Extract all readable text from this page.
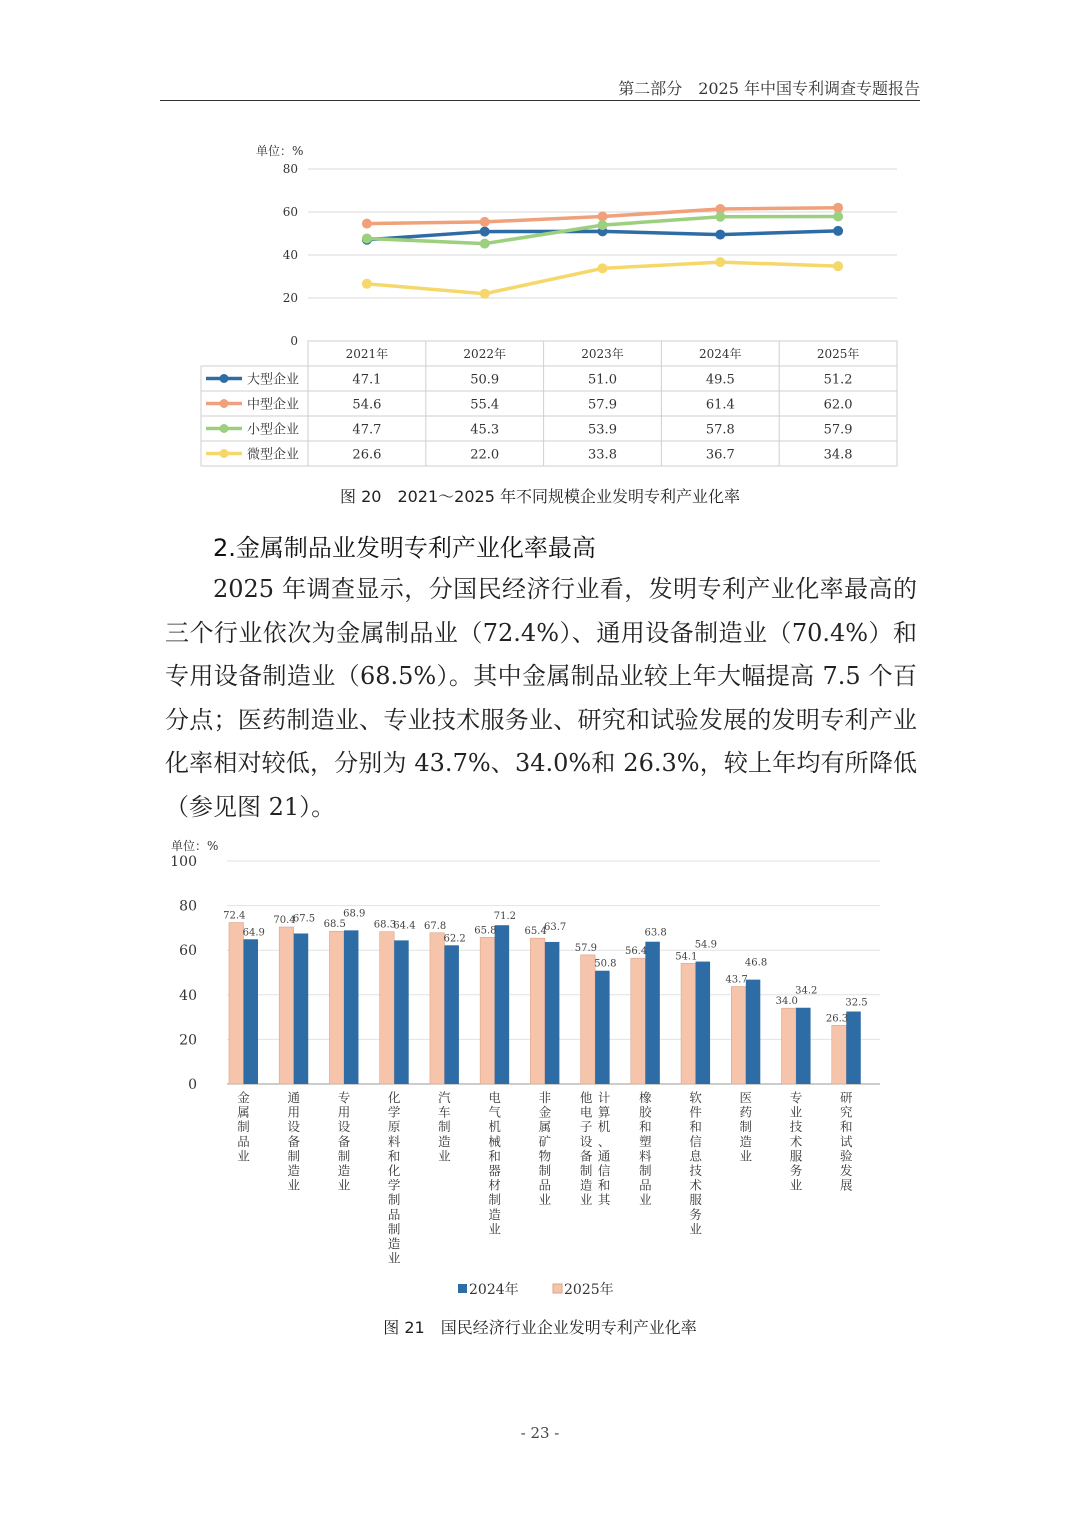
第二部分　2025 年中国专利调查专题报告
单位：%
0
20
40
60
80
2021年	2022年	2023年	2024年	2025年
大型企业	47.1	50.9	51.0	49.5	51.2
中型企业	54.6	55.4	57.9	61.4	62.0
小型企业	47.7	45.3	53.9	57.8	57.9
微型企业	26.6	22.0	33.8	36.7	34.8
图 20　2021～2025 年不同规模企业发明专利产业化率
2.金属制品业发明专利产业化率最高

2025 年调查显示，分国民经济行业看，发明专利产业化率最高的三个行业依次为金属制品业（72.4%）、通用设备制造业（70.4%）和专用设备制造业（68.5%）。其中金属制品业较上年大幅提高 7.5 个百分点；医药制造业、专业技术服务业、研究和试验发展的发明专利产业化率相对较低，分别为 43.7%、34.0%和 26.3%，较上年均有所降低（参见图 21）。

单位：%
0
20
40
60
80
100
72.4
64.9
金属制品业
70.4
67.5
通用设备制造业
68.5
68.9
专用设备制造业
68.3
64.4
化学原料和化学制品制造业
67.8
62.2
汽车制造业
65.8
71.2
电气机械和器材制造业
65.4
63.7
非金属矿物制品业
57.9
50.8
计算机、通信和其他电子设备制造业
56.4
63.8
橡胶和塑料制品业
54.1
54.9
软件和信息技术服务业
43.7
46.8
医药制造业
34.0
34.2
专业技术服务业
26.3
32.5
研究和试验发展
2024年	2025年
图 21　国民经济行业企业发明专利产业化率
- 23 -
